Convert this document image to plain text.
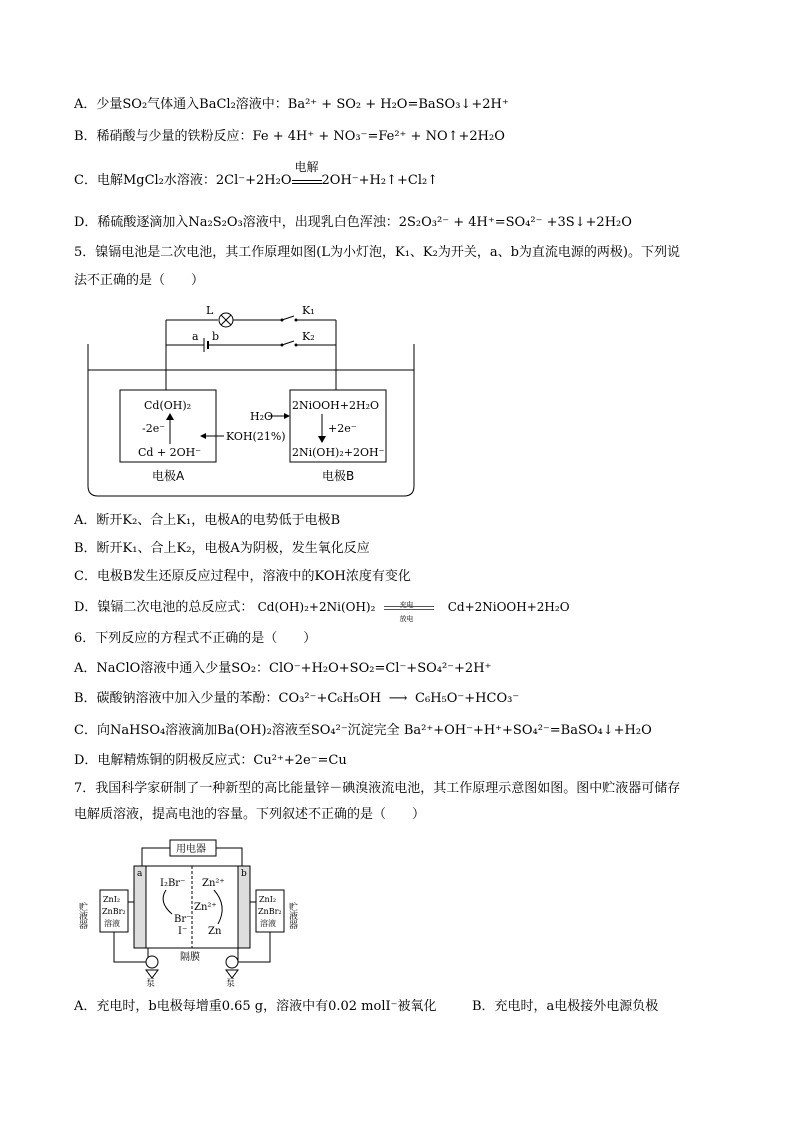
A．少量SO₂气体通入BaCl₂溶液中：Ba²⁺ + SO₂ + H₂O=BaSO₃↓+2H⁺
B．稀硝酸与少量的铁粉反应：Fe + 4H⁺ + NO₃⁻=Fe²⁺ + NO↑+2H₂O
C．电解MgCl₂水溶液：2Cl⁻+2H₂O
电解
2OH⁻+H₂↑+Cl₂↑
D．稀硫酸逐滴加入Na₂S₂O₃溶液中，出现乳白色浑浊：2S₂O₃²⁻ + 4H⁺=SO₄²⁻ +3S↓+2H₂O
5．镍镉电池是二次电池，其工作原理如图(L为小灯泡，K₁、K₂为开关，a、b为直流电源的两极)。下列说
法不正确的是（　　）
L	K₁
a b	K₂
Cd(OH)₂
-2e⁻
Cd + 2OH⁻
2NiOOH+2H₂O
+2e⁻
2Ni(OH)₂+2OH⁻
H₂O
KOH(21%)
电极A	电极B
A．断开K₂、合上K₁，电极A的电势低于电极B
B．断开K₁、合上K₂，电极A为阴极，发生氧化反应
C．电极B发生还原反应过程中，溶液中的KOH浓度有变化
D．镍镉二次电池的总反应式： Cd(OH)₂+2Ni(OH)₂	充电
放电
Cd+2NiOOH+2H₂O
6．下列反应的方程式不正确的是（　　）
A．NaClO溶液中通入少量SO₂：ClO⁻+H₂O+SO₂=Cl⁻+SO₄²⁻+2H⁺
B．碳酸钠溶液中加入少量的苯酚：CO₃²⁻+C₆H₅OH ⟶ C₆H₅O⁻+HCO₃⁻
C．向NaHSO₄溶液滴加Ba(OH)₂溶液至SO₄²⁻沉淀完全 Ba²⁺+OH⁻+H⁺+SO₄²⁻=BaSO₄↓+H₂O
D．电解精炼铜的阴极反应式：Cu²⁺+2e⁻=Cu
7．我国科学家研制了一种新型的高比能量锌－碘溴液流电池，其工作原理示意图如图。图中贮液器可储存
电解质溶液，提高电池的容量。下列叙述不正确的是（　　）
用电器
a	b
I₂Br⁻
Br⁻
I⁻
Zn²⁺
Zn²⁺
Zn
隔膜
ZnI₂
ZnBr₂
溶液
贮液器
泵
ZnI₂
ZnBr₂
溶液 贮液器
泵
A．充电时，b电极每增重0.65 g，溶液中有0.02 molI⁻被氧化	B．充电时，a电极接外电源负极
